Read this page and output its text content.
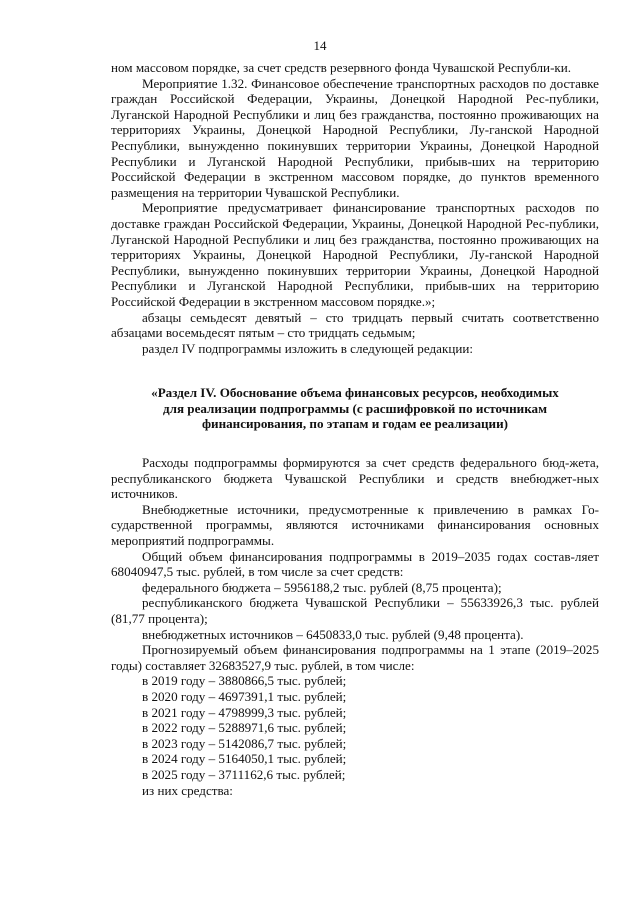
14

ном массовом порядке, за счет средств резервного фонда Чувашской Республи-ки.

Мероприятие 1.32. Финансовое обеспечение транспортных расходов по доставке граждан Российской Федерации, Украины, Донецкой Народной Рес-публики, Луганской Народной Республики и лиц без гражданства, постоянно проживающих на территориях Украины, Донецкой Народной Республики, Лу-ганской Народной Республики, вынужденно покинувших территории Украины, Донецкой Народной Республики и Луганской Народной Республики, прибыв-ших на территорию Российской Федерации в экстренном массовом порядке, до пунктов временного размещения на территории Чувашской Республики.

Мероприятие предусматривает финансирование транспортных расходов по доставке граждан Российской Федерации, Украины, Донецкой Народной Рес-публики, Луганской Народной Республики и лиц без гражданства, постоянно проживающих на территориях Украины, Донецкой Народной Республики, Лу-ганской Народной Республики, вынужденно покинувших территории Украины, Донецкой Народной Республики и Луганской Народной Республики, прибыв-ших на территорию Российской Федерации в экстренном массовом порядке.»;

абзацы семьдесят девятый – сто тридцать первый считать соответственно абзацами восемьдесят пятым – сто тридцать седьмым;

раздел IV подпрограммы изложить в следующей редакции:

«Раздел IV. Обоснование объема финансовых ресурсов, необходимых
для реализации подпрограммы (с расшифровкой по источникам
финансирования, по этапам и годам ее реализации)

Расходы подпрограммы формируются за счет средств федерального бюд-жета, республиканского бюджета Чувашской Республики и средств внебюджет-ных источников.

Внебюджетные источники, предусмотренные к привлечению в рамках Го-сударственной программы, являются источниками финансирования основных мероприятий подпрограммы.

Общий объем финансирования подпрограммы в 2019–2035 годах состав-ляет 68040947,5 тыс. рублей, в том числе за счет средств:

федерального бюджета – 5956188,2 тыс. рублей (8,75 процента);

республиканского бюджета Чувашской Республики – 55633926,3 тыс. рублей (81,77 процента);

внебюджетных источников – 6450833,0 тыс. рублей (9,48 процента).

Прогнозируемый объем финансирования подпрограммы на 1 этапе (2019–2025 годы) составляет 32683527,9 тыс. рублей, в том числе:

в 2019 году – 3880866,5 тыс. рублей;
в 2020 году – 4697391,1 тыс. рублей;
в 2021 году – 4798999,3 тыс. рублей;
в 2022 году – 5288971,6 тыс. рублей;
в 2023 году – 5142086,7 тыс. рублей;
в 2024 году – 5164050,1 тыс. рублей;
в 2025 году – 3711162,6 тыс. рублей;

из них средства:
